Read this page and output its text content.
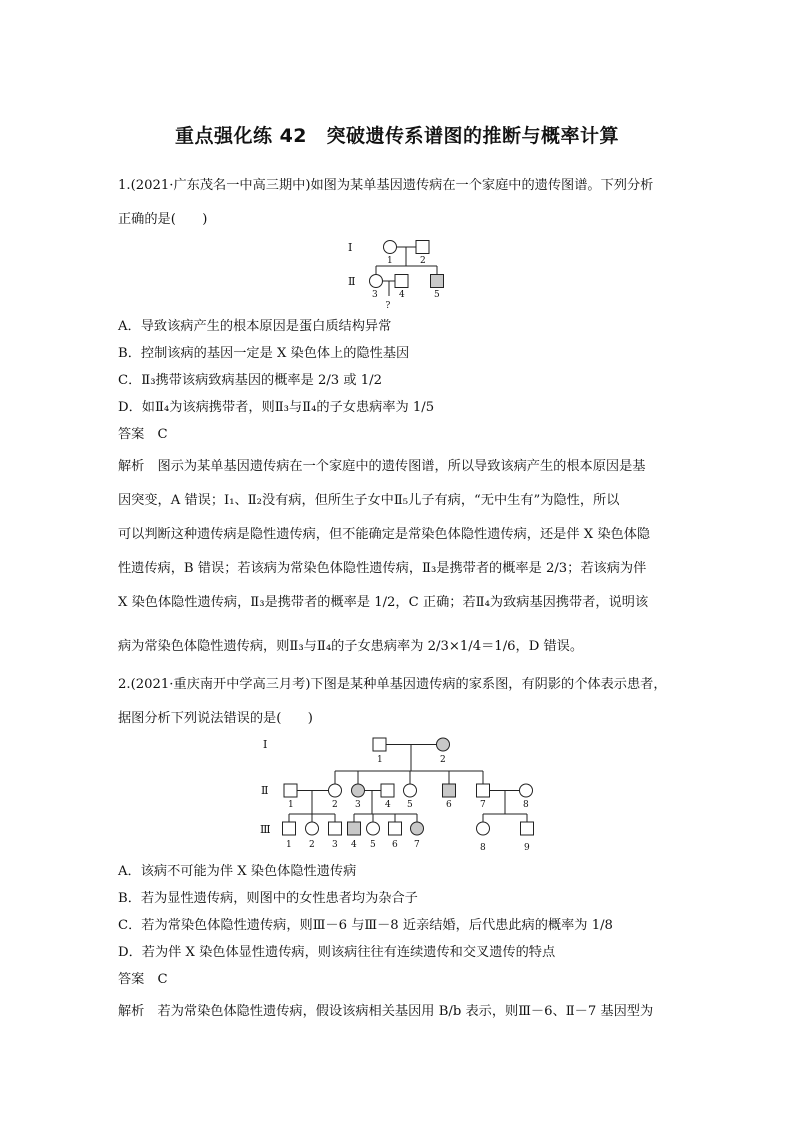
重点强化练 42　突破遗传系谱图的推断与概率计算
1.(2021·广东茂名一中高三期中)如图为某单基因遗传病在一个家庭中的遗传图谱。下列分析
正确的是(　　)
Ⅰ
Ⅱ
1	2
3 4	5
?
A．导致该病产生的根本原因是蛋白质结构异常
B．控制该病的基因一定是 X 染色体上的隐性基因
C．Ⅱ₃携带该病致病基因的概率是 2/3 或 1/2
D．如Ⅱ₄为该病携带者，则Ⅱ₃与Ⅱ₄的子女患病率为 1/5
答案　C
解析　图示为某单基因遗传病在一个家庭中的遗传图谱，所以导致该病产生的根本原因是基
因突变，A 错误；Ⅰ₁、Ⅱ₂没有病，但所生子女中Ⅱ₅儿子有病，“无中生有”为隐性，所以
可以判断这种遗传病是隐性遗传病，但不能确定是常染色体隐性遗传病，还是伴 X 染色体隐
性遗传病，B 错误；若该病为常染色体隐性遗传病，Ⅱ₃是携带者的概率是 2/3；若该病为伴
X 染色体隐性遗传病，Ⅱ₃是携带者的概率是 1/2，C 正确；若Ⅱ₄为致病基因携带者，说明该
病为常染色体隐性遗传病，则Ⅱ₃与Ⅱ₄的子女患病率为 2/3×1/4＝1/6，D 错误。
2.(2021·重庆南开中学高三月考)下图是某种单基因遗传病的家系图，有阴影的个体表示患者，
据图分析下列说法错误的是(　　)
Ⅰ
Ⅱ
Ⅲ
1	2
1	2 3	4 5	6	7	8
1 2 3 4 5 6 7	8	9
A．该病不可能为伴 X 染色体隐性遗传病
B．若为显性遗传病，则图中的女性患者均为杂合子
C．若为常染色体隐性遗传病，则Ⅲ－6 与Ⅲ－8 近亲结婚，后代患此病的概率为 1/8
D．若为伴 X 染色体显性遗传病，则该病往往有连续遗传和交叉遗传的特点
答案　C
解析　若为常染色体隐性遗传病，假设该病相关基因用 B/b 表示，则Ⅲ－6、Ⅱ－7 基因型为
